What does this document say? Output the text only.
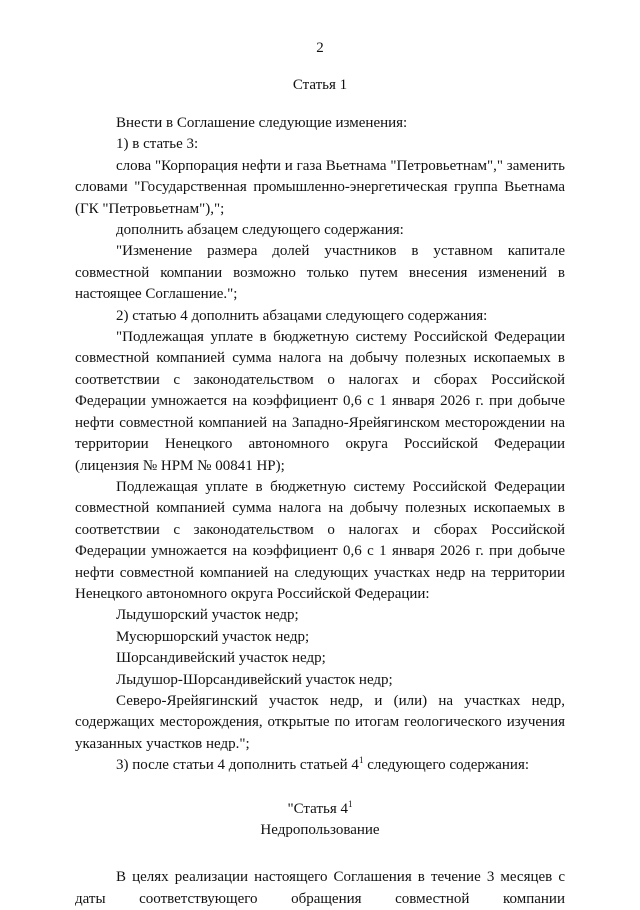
2
Статья 1

Внести в Соглашение следующие изменения:

1) в статье 3:

слова "Корпорация нефти и газа Вьетнама "Петровьетнам"," заменить словами "Государственная промышленно-энергетическая группа Вьетнама (ГК "Петровьетнам"),";

дополнить абзацем следующего содержания:

"Изменение размера долей участников в уставном капитале совместной компании возможно только путем внесения изменений в настоящее Соглашение.";

2) статью 4 дополнить абзацами следующего содержания:

"Подлежащая уплате в бюджетную систему Российской Федерации совместной компанией сумма налога на добычу полезных ископаемых в соответствии с законодательством о налогах и сборах Российской Федерации умножается на коэффициент 0,6 с 1 января 2026 г. при добыче нефти совместной компанией на Западно-Ярейягинском месторождении на территории Ненецкого автономного округа Российской Федерации (лицензия № НРМ № 00841 НР);

Подлежащая уплате в бюджетную систему Российской Федерации совместной компанией сумма налога на добычу полезных ископаемых в соответствии с законодательством о налогах и сборах Российской Федерации умножается на коэффициент 0,6 с 1 января 2026 г. при добыче нефти совместной компанией на следующих участках недр на территории Ненецкого автономного округа Российской Федерации:

Лыдушорский участок недр;

Мусюршорский участок недр;

Шорсандивейский участок недр;

Лыдушор-Шорсандивейский участок недр;

Северо-Ярейягинский участок недр, и (или) на участках недр, содержащих месторождения, открытые по итогам геологического изучения указанных участков недр.";

3) после статьи 4 дополнить статьей $4^1$ следующего содержания:

"Статья $4^1$

Недропользование

В целях реализации настоящего Соглашения в течение 3 месяцев с даты соответствующего обращения совместной компании
